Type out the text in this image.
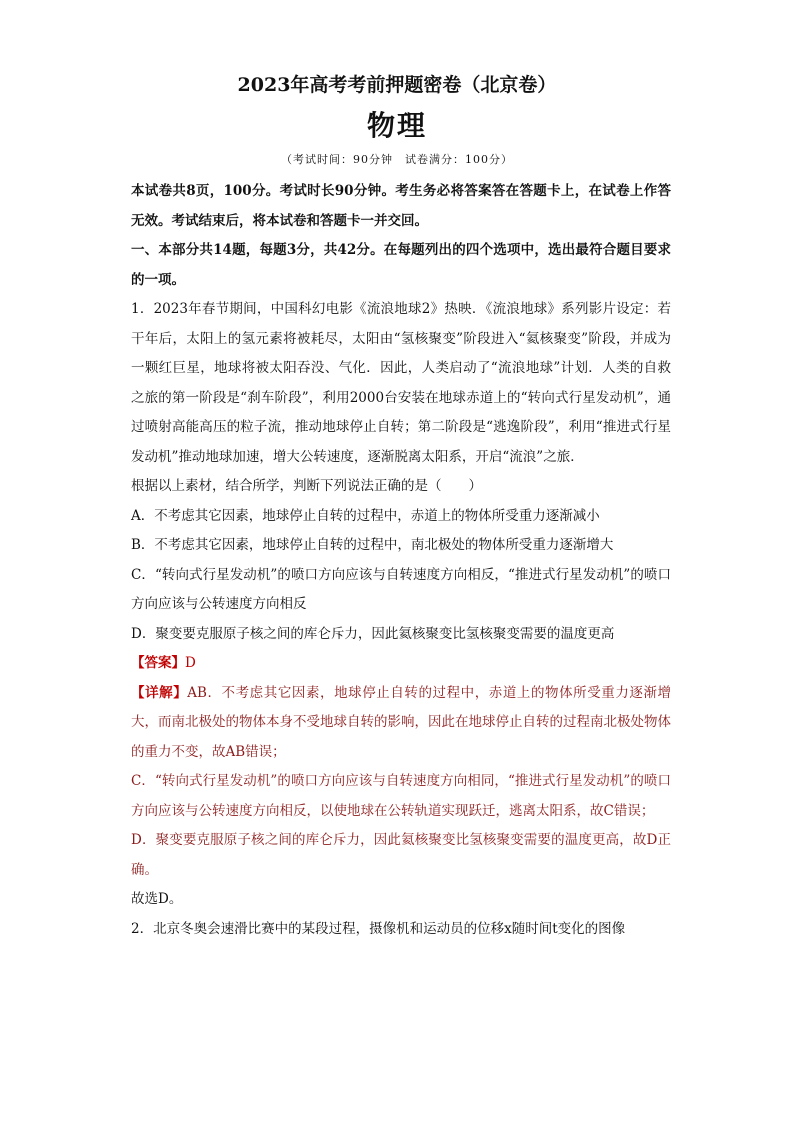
2023年高考考前押题密卷（北京卷）
物理
（考试时间：90分钟　试卷满分：100分）

本试卷共8页，100分。考试时长90分钟。考生务必将答案答在答题卡上，在试卷上作答无效。考试结束后，将本试卷和答题卡一并交回。

一、本部分共14题，每题3分，共42分。在每题列出的四个选项中，选出最符合题目要求的一项。

1．2023年春节期间，中国科幻电影《流浪地球2》热映．《流浪地球》系列影片设定：若干年后，太阳上的氢元素将被耗尽，太阳由“氢核聚变”阶段进入“氦核聚变”阶段，并成为一颗红巨星，地球将被太阳吞没、气化．因此，人类启动了“流浪地球”计划．人类的自救之旅的第一阶段是“刹车阶段”，利用2000台安装在地球赤道上的“转向式行星发动机”，通过喷射高能高压的粒子流，推动地球停止自转；第二阶段是“逃逸阶段”，利用“推进式行星发动机”推动地球加速，增大公转速度，逐渐脱离太阳系，开启“流浪”之旅．

根据以上素材，结合所学，判断下列说法正确的是（　　）

A．不考虑其它因素，地球停止自转的过程中，赤道上的物体所受重力逐渐减小

B．不考虑其它因素，地球停止自转的过程中，南北极处的物体所受重力逐渐增大

C．“转向式行星发动机”的喷口方向应该与自转速度方向相反，“推进式行星发动机”的喷口方向应该与公转速度方向相反

D．聚变要克服原子核之间的库仑斥力，因此氦核聚变比氢核聚变需要的温度更高

【答案】D

【详解】AB．不考虑其它因素，地球停止自转的过程中，赤道上的物体所受重力逐渐增大，而南北极处的物体本身不受地球自转的影响，因此在地球停止自转的过程南北极处物体的重力不变，故AB错误；

C．“转向式行星发动机”的喷口方向应该与自转速度方向相同，“推进式行星发动机”的喷口方向应该与公转速度方向相反，以使地球在公转轨道实现跃迁，逃离太阳系，故C错误；

D．聚变要克服原子核之间的库仑斥力，因此氦核聚变比氢核聚变需要的温度更高，故D正确。

故选D。

2．北京冬奥会速滑比赛中的某段过程，摄像机和运动员的位移x随时间t变化的图像
